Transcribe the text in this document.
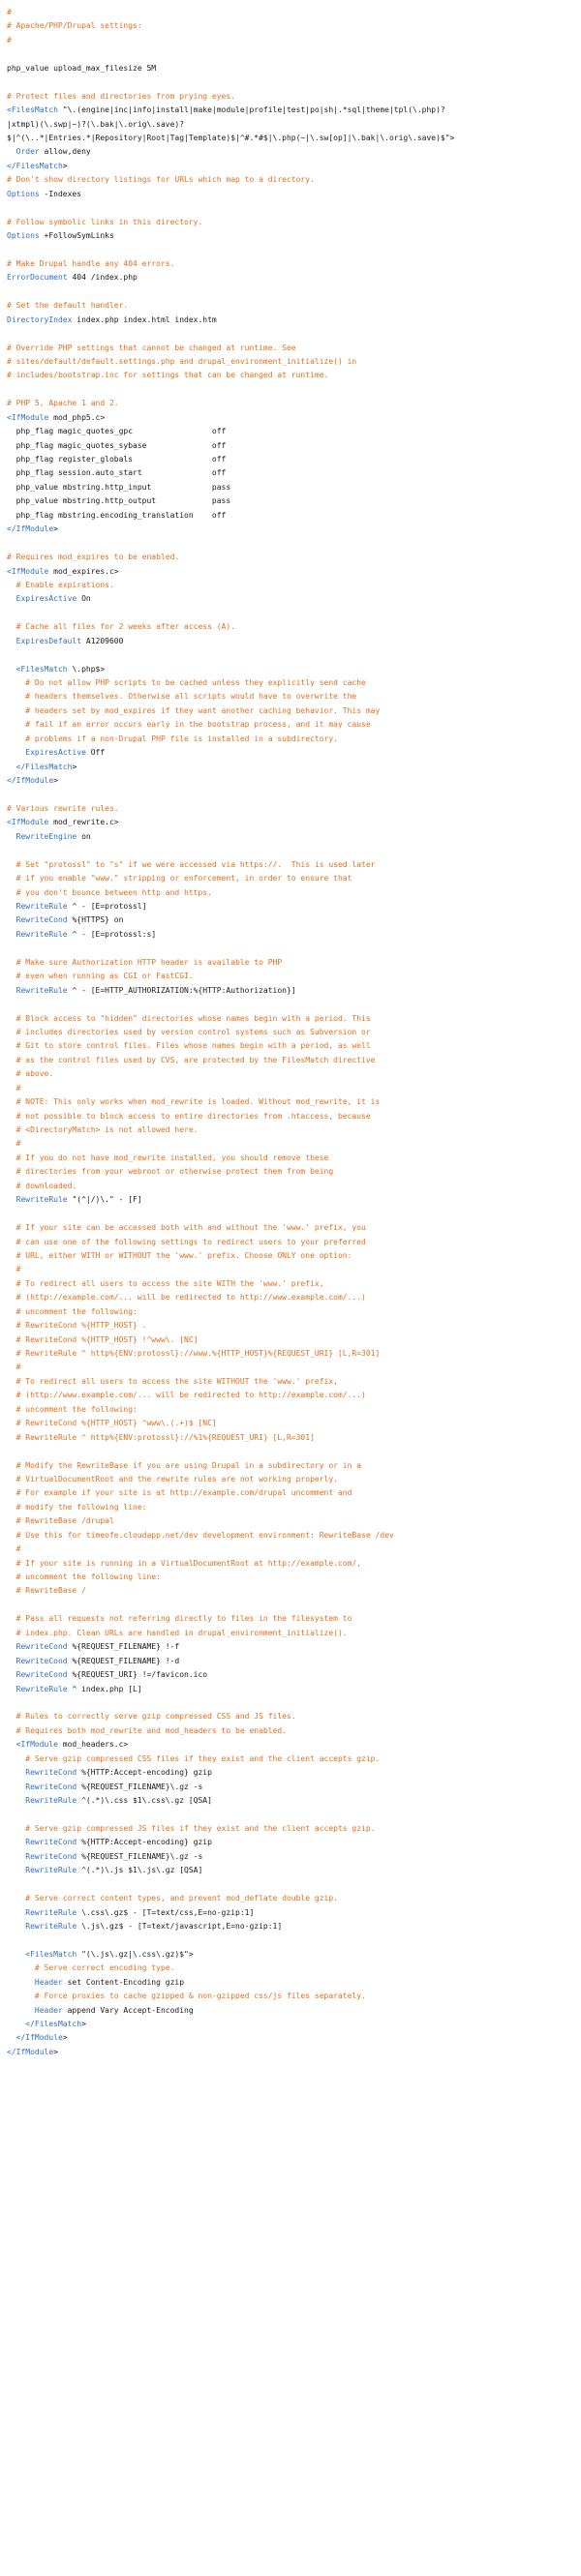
#
# Apache/PHP/Drupal settings:
#

php_value upload_max_filesize 5M

# Protect files and directories from prying eyes.
<FilesMatch "\.(engine|inc|info|install|make|module|profile|test|po|sh|.*sql|theme|tpl(\.php)?
|xtmpl)(\.swp|~)?(\.bak|\.orig\.save)?
$|^(\..*|Entries.*|Repository|Root|Tag|Template)$|^#.*#$|\.php(~|\.sw[op]|\.bak|\.orig\.save)$">
Order allow,deny
</FilesMatch>
# Don't show directory listings for URLs which map to a directory.
Options -Indexes

# Follow symbolic links in this directory.
Options +FollowSymLinks

# Make Drupal handle any 404 errors.
ErrorDocument 404 /index.php

# Set the default handler.
DirectoryIndex index.php index.html index.htm

# Override PHP settings that cannot be changed at runtime. See
# sites/default/default.settings.php and drupal_environment_initialize() in
# includes/bootstrap.inc for settings that can be changed at runtime.

# PHP 5, Apache 1 and 2.
<IfModule mod_php5.c>
php_flag magic_quotes_gpc                 off
php_flag magic_quotes_sybase              off
php_flag register_globals                 off
php_flag session.auto_start               off
php_value mbstring.http_input             pass
php_value mbstring.http_output            pass
php_flag mbstring.encoding_translation    off
</IfModule>

# Requires mod_expires to be enabled.
<IfModule mod_expires.c>
# Enable expirations.
ExpiresActive On

# Cache all files for 2 weeks after access (A).
ExpiresDefault A1209600

<FilesMatch \.php$>
# Do not allow PHP scripts to be cached unless they explicitly send cache
# headers themselves. Otherwise all scripts would have to overwrite the
# headers set by mod_expires if they want another caching behavior. This may
# fail if an error occurs early in the bootstrap process, and it may cause
# problems if a non-Drupal PHP file is installed in a subdirectory.
ExpiresActive Off
</FilesMatch>
</IfModule>

# Various rewrite rules.
<IfModule mod_rewrite.c>
RewriteEngine on

# Set "protossl" to "s" if we were accessed via https://.  This is used later
# if you enable "www." stripping or enforcement, in order to ensure that
# you don't bounce between http and https.
RewriteRule ^ - [E=protossl]
RewriteCond %{HTTPS} on
RewriteRule ^ - [E=protossl:s]

# Make sure Authorization HTTP header is available to PHP
# even when running as CGI or FastCGI.
RewriteRule ^ - [E=HTTP_AUTHORIZATION:%{HTTP:Authorization}]

# Block access to "hidden" directories whose names begin with a period. This
# includes directories used by version control systems such as Subversion or
# Git to store control files. Files whose names begin with a period, as well
# as the control files used by CVS, are protected by the FilesMatch directive
# above.
#
# NOTE: This only works when mod_rewrite is loaded. Without mod_rewrite, it is
# not possible to block access to entire directories from .htaccess, because
# <DirectoryMatch> is not allowed here.
#
# If you do not have mod_rewrite installed, you should remove these
# directories from your webroot or otherwise protect them from being
# downloaded.
RewriteRule "(^|/)\." - [F]

# If your site can be accessed both with and without the 'www.' prefix, you
# can use one of the following settings to redirect users to your preferred
# URL, either WITH or WITHOUT the 'www.' prefix. Choose ONLY one option:
#
# To redirect all users to access the site WITH the 'www.' prefix,
# (http://example.com/... will be redirected to http://www.example.com/...)
# uncomment the following:
# RewriteCond %{HTTP_HOST} .
# RewriteCond %{HTTP_HOST} !^www\. [NC]
# RewriteRule ^ http%{ENV:protossl}://www.%{HTTP_HOST}%{REQUEST_URI} [L,R=301]
#
# To redirect all users to access the site WITHOUT the 'www.' prefix,
# (http://www.example.com/... will be redirected to http://example.com/...)
# uncomment the following:
# RewriteCond %{HTTP_HOST} ^www\.(.+)$ [NC]
# RewriteRule ^ http%{ENV:protossl}://%1%{REQUEST_URI} [L,R=301]

# Modify the RewriteBase if you are using Drupal in a subdirectory or in a
# VirtualDocumentRoot and the rewrite rules are not working properly.
# For example if your site is at http://example.com/drupal uncomment and
# modify the following line:
# RewriteBase /drupal
# Use this for timeofe.cloudapp.net/dev development environment: RewriteBase /dev
#
# If your site is running in a VirtualDocumentRoot at http://example.com/,
# uncomment the following line:
# RewriteBase /

# Pass all requests not referring directly to files in the filesystem to
# index.php. Clean URLs are handled in drupal_environment_initialize().
RewriteCond %{REQUEST_FILENAME} !-f
RewriteCond %{REQUEST_FILENAME} !-d
RewriteCond %{REQUEST_URI} !=/favicon.ico
RewriteRule ^ index.php [L]

# Rules to correctly serve gzip compressed CSS and JS files.
# Requires both mod_rewrite and mod_headers to be enabled.
<IfModule mod_headers.c>
# Serve gzip compressed CSS files if they exist and the client accepts gzip.
RewriteCond %{HTTP:Accept-encoding} gzip
RewriteCond %{REQUEST_FILENAME}\.gz -s
RewriteRule ^(.*)\.css $1\.css\.gz [QSA]

# Serve gzip compressed JS files if they exist and the client accepts gzip.
RewriteCond %{HTTP:Accept-encoding} gzip
RewriteCond %{REQUEST_FILENAME}\.gz -s
RewriteRule ^(.*)\.js $1\.js\.gz [QSA]

# Serve correct content types, and prevent mod_deflate double gzip.
RewriteRule \.css\.gz$ - [T=text/css,E=no-gzip:1]
RewriteRule \.js\.gz$ - [T=text/javascript,E=no-gzip:1]

<FilesMatch "(\.js\.gz|\.css\.gz)$">
# Serve correct encoding type.
Header set Content-Encoding gzip
# Force proxies to cache gzipped & non-gzipped css/js files separately.
Header append Vary Accept-Encoding
</FilesMatch>
</IfModule>
</IfModule>
